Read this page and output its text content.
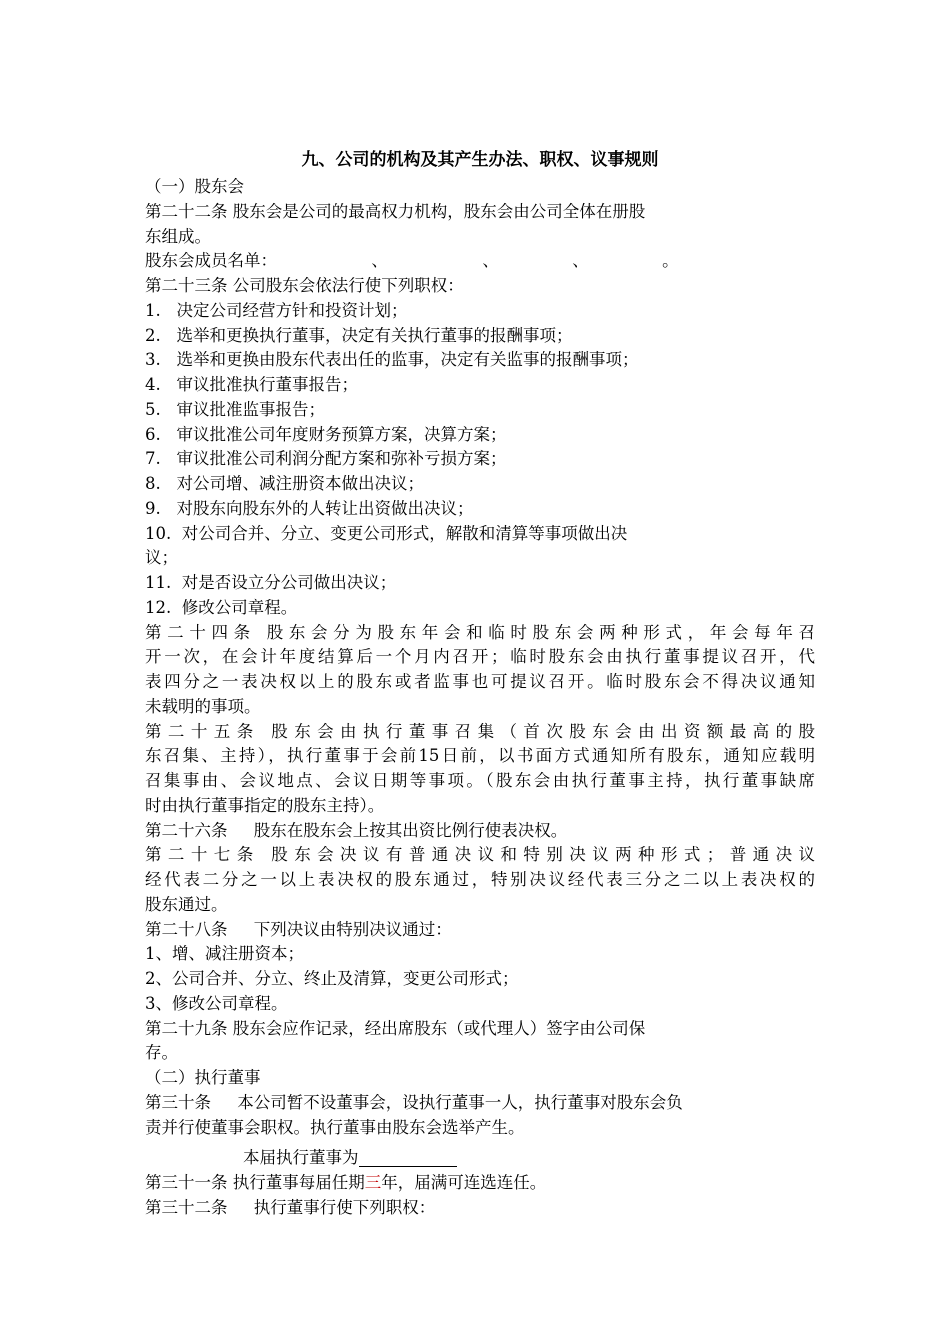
九、公司的机构及其产生办法、职权、议事规则
（一）股东会
第二十二条 股东会是公司的最高权力机构，股东会由公司全体在册股
东组成。
股东会成员名单：                  、                  、              、              。
第二十三条 公司股东会依法行使下列职权：
1.   决定公司经营方针和投资计划；
2.   选举和更换执行董事，决定有关执行董事的报酬事项；
3.   选举和更换由股东代表出任的监事，决定有关监事的报酬事项；
4.   审议批准执行董事报告；
5.   审议批准监事报告；
6.   审议批准公司年度财务预算方案，决算方案；
7.   审议批准公司利润分配方案和弥补亏损方案；
8.   对公司增、减注册资本做出决议；
9.   对股东向股东外的人转让出资做出决议；
10.  对公司合并、分立、变更公司形式，解散和清算等事项做出决
议；
11.  对是否设立分公司做出决议；
12.  修改公司章程。
第二十四条 股东会分为股东年会和临时股东会两种形式，年会每年召
开一次，在会计年度结算后一个月内召开；临时股东会由执行董事提议召开，代
表四分之一表决权以上的股东或者监事也可提议召开。临时股东会不得决议通知
未载明的事项。
第二十五条 股东会由执行董事召集（首次股东会由出资额最高的股
东召集、主持），执行董事于会前15日前，以书面方式通知所有股东，通知应载明
召集事由、会议地点、会议日期等事项。（股东会由执行董事主持，执行董事缺席
时由执行董事指定的股东主持）。
第二十六条     股东在股东会上按其出资比例行使表决权。
第二十七条 股东会决议有普通决议和特别决议两种形式；普通决议
经代表二分之一以上表决权的股东通过，特别决议经代表三分之二以上表决权的
股东通过。
第二十八条     下列决议由特别决议通过：
1、增、减注册资本；
2、公司合并、分立、终止及清算，变更公司形式；
3、修改公司章程。
第二十九条 股东会应作记录，经出席股东（或代理人）签字由公司保
存。
（二）执行董事
第三十条     本公司暂不设董事会，设执行董事一人，执行董事对股东会负
责并行使董事会职权。执行董事由股东会选举产生。
本届执行董事为
第三十一条 执行董事每届任期三年，届满可连选连任。
第三十二条     执行董事行使下列职权：
